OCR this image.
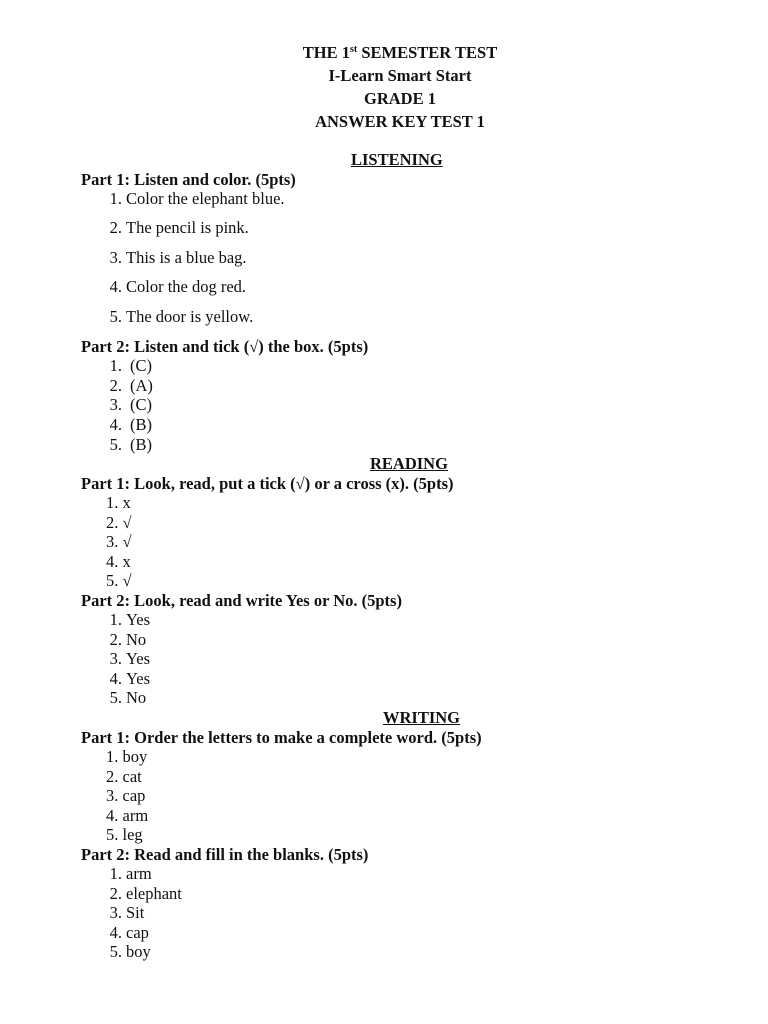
THE 1st SEMESTER TEST
I-Learn Smart Start
GRADE 1
ANSWER KEY TEST 1
LISTENING
Part 1: Listen and color. (5pts)
1. Color the elephant blue.
2. The pencil is pink.
3. This is a blue bag.
4. Color the dog red.
5. The door is yellow.
Part 2: Listen and tick (√) the box. (5pts)
1.(C)
2.(A)
3.(C)
4.(B)
5.(B)
READING
Part 1: Look, read, put a tick (√) or a cross (x). (5pts)
1. x
2. √
3. √
4. x
5. √
Part 2: Look, read and write Yes or No. (5pts)
1. Yes
2. No
3. Yes
4. Yes
5. No
WRITING
Part 1: Order the letters to make a complete word. (5pts)
1. boy
2. cat
3. cap
4. arm
5. leg
Part 2: Read and fill in the blanks. (5pts)
1. arm
2. elephant
3. Sit
4. cap
5. boy
